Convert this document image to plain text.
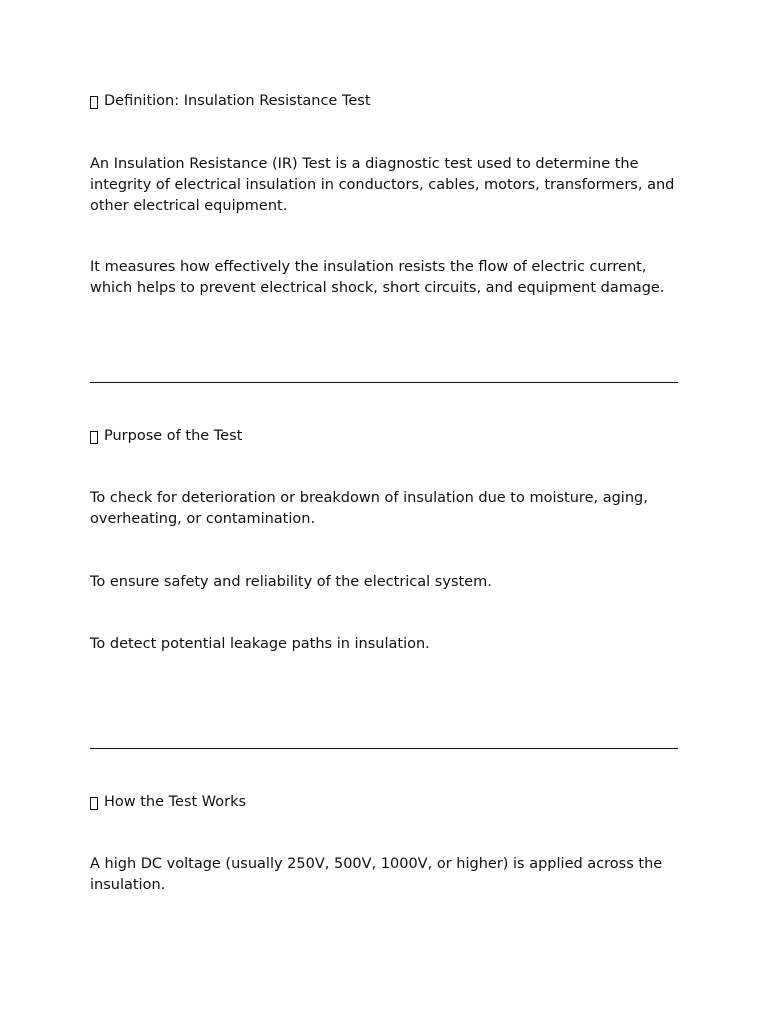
Definition: Insulation Resistance Test
An Insulation Resistance (IR) Test is a diagnostic test used to determine the integrity of electrical insulation in conductors, cables, motors, transformers, and other electrical equipment.
It measures how effectively the insulation resists the flow of electric current, which helps to prevent electrical shock, short circuits, and equipment damage.
Purpose of the Test
To check for deterioration or breakdown of insulation due to moisture, aging, overheating, or contamination.
To ensure safety and reliability of the electrical system.
To detect potential leakage paths in insulation.
How the Test Works
A high DC voltage (usually 250V, 500V, 1000V, or higher) is applied across the insulation.
